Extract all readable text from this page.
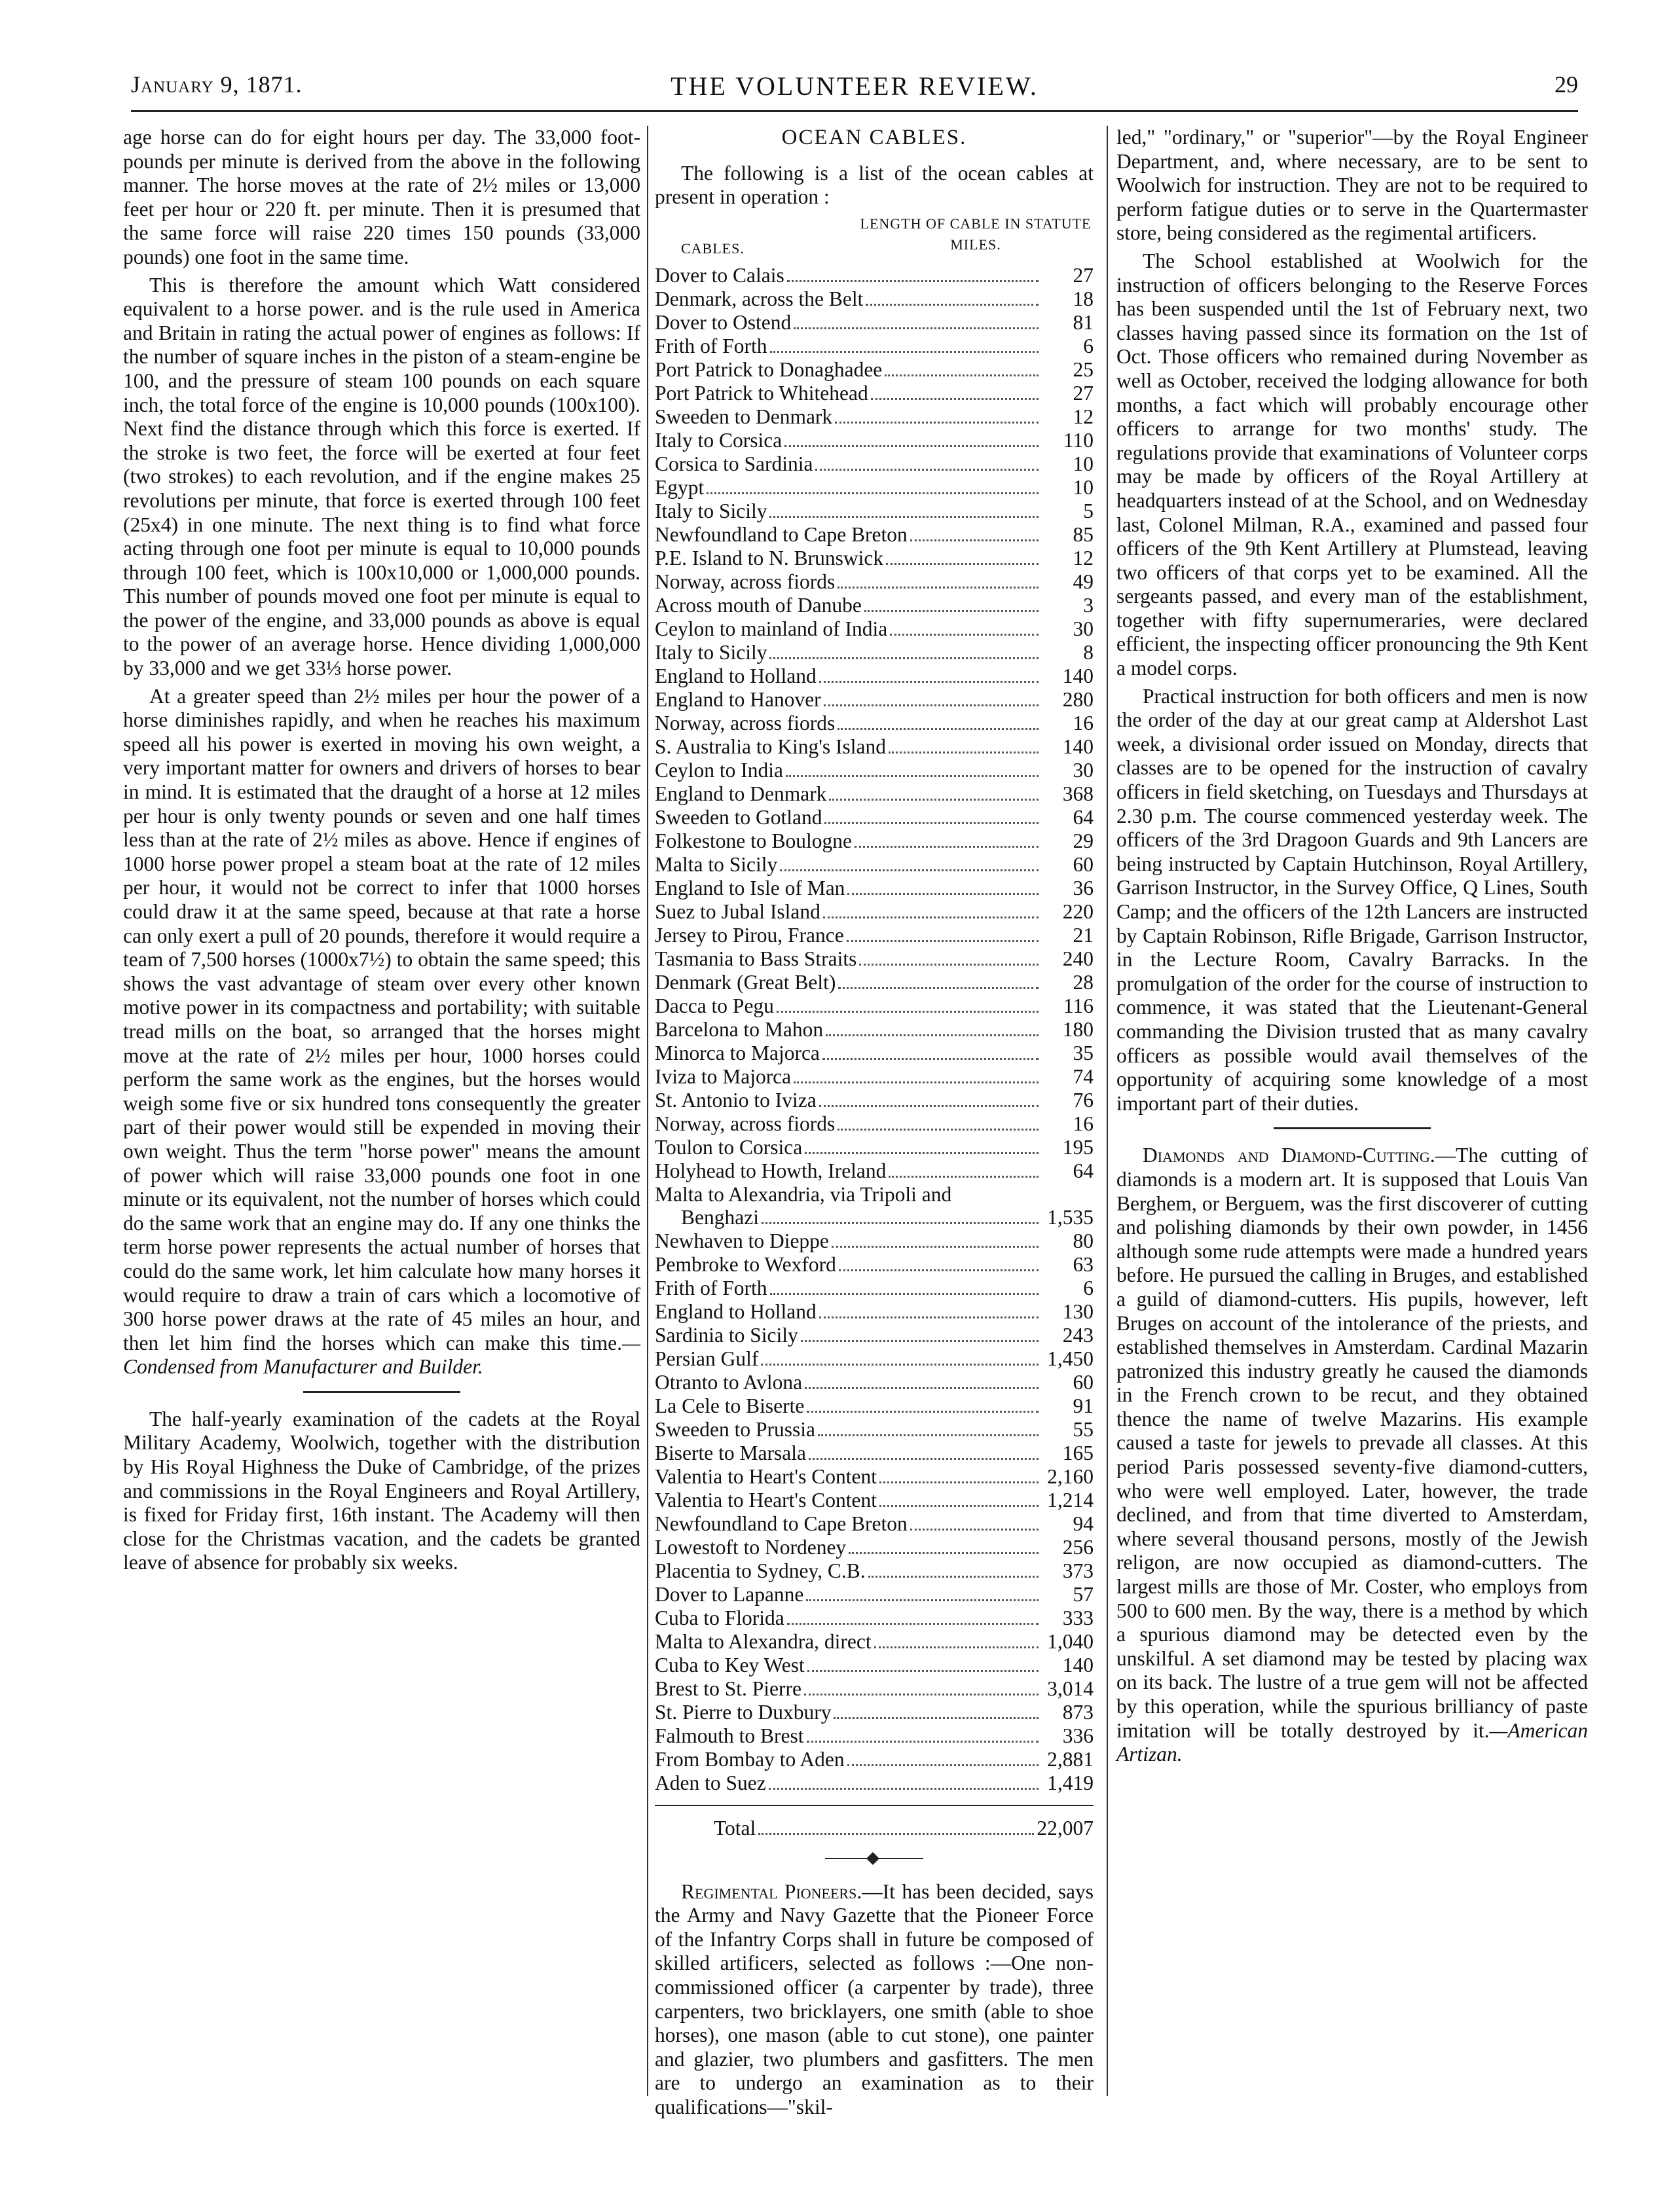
January 9, 1871.	THE VOLUNTEER REVIEW.	29

age horse can do for eight hours per day. The 33,000 foot-pounds per minute is derived from the above in the following manner. The horse moves at the rate of 2½ miles or 13,000 feet per hour or 220 ft. per minute. Then it is presumed that the same force will raise 220 times 150 pounds (33,000 pounds) one foot in the same time.

This is therefore the amount which Watt considered equivalent to a horse power. and is the rule used in America and Britain in rating the actual power of engines as follows: If the number of square inches in the piston of a steam-engine be 100, and the pressure of steam 100 pounds on each square inch, the total force of the engine is 10,000 pounds (100x100). Next find the distance through which this force is exerted. If the stroke is two feet, the force will be exerted at four feet (two strokes) to each revolution, and if the engine makes 25 revolutions per minute, that force is exerted through 100 feet (25x4) in one minute. The next thing is to find what force acting through one foot per minute is equal to 10,000 pounds through 100 feet, which is 100x10,000 or 1,000,000 pounds. This number of pounds moved one foot per minute is equal to the power of the engine, and 33,000 pounds as above is equal to the power of an average horse. Hence dividing 1,000,000 by 33,000 and we get 33⅓ horse power.

At a greater speed than 2½ miles per hour the power of a horse diminishes rapidly, and when he reaches his maximum speed all his power is exerted in moving his own weight, a very important matter for owners and drivers of horses to bear in mind. It is estimated that the draught of a horse at 12 miles per hour is only twenty pounds or seven and one half times less than at the rate of 2½ miles as above. Hence if engines of 1000 horse power propel a steam boat at the rate of 12 miles per hour, it would not be correct to infer that 1000 horses could draw it at the same speed, because at that rate a horse can only exert a pull of 20 pounds, therefore it would require a team of 7,500 horses (1000x7½) to obtain the same speed; this shows the vast advantage of steam over every other known motive power in its compactness and portability; with suitable tread mills on the boat, so arranged that the horses might move at the rate of 2½ miles per hour, 1000 horses could perform the same work as the engines, but the horses would weigh some five or six hundred tons consequently the greater part of their power would still be expended in moving their own weight. Thus the term "horse power" means the amount of power which will raise 33,000 pounds one foot in one minute or its equivalent, not the number of horses which could do the same work that an engine may do. If any one thinks the term horse power represents the actual number of horses that could do the same work, let him calculate how many horses it would require to draw a train of cars which a locomotive of 300 horse power draws at the rate of 45 miles an hour, and then let him find the horses which can make this time.—Condensed from Manufacturer and Builder.

The half-yearly examination of the cadets at the Royal Military Academy, Woolwich, together with the distribution by His Royal Highness the Duke of Cambridge, of the prizes and commissions in the Royal Engineers and Royal Artillery, is fixed for Friday first, 16th instant. The Academy will then close for the Christmas vacation, and the cadets be granted leave of absence for probably six weeks.

OCEAN CABLES.

The following is a list of the ocean cables at present in operation :

CABLES.
LENGTH OF CABLE IN STATUTE MILES.
Dover to Calais	27
Denmark, across the Belt	18
Dover to Ostend	81
Frith of Forth	6
Port Patrick to Donaghadee	25
Port Patrick to Whitehead	27
Sweeden to Denmark	12
Italy to Corsica	110
Corsica to Sardinia	10
Egypt	10
Italy to Sicily	5
Newfoundland to Cape Breton	85
P.E. Island to N. Brunswick	12
Norway, across fiords	49
Across mouth of Danube	3
Ceylon to mainland of India	30
Italy to Sicily	8
England to Holland	140
England to Hanover	280
Norway, across fiords	16
S. Australia to King's Island	140
Ceylon to India	30
England to Denmark	368
Sweeden to Gotland	64
Folkestone to Boulogne	29
Malta to Sicily	60
England to Isle of Man	36
Suez to Jubal Island	220
Jersey to Pirou, France	21
Tasmania to Bass Straits	240
Denmark (Great Belt)	28
Dacca to Pegu	116
Barcelona to Mahon	180
Minorca to Majorca	35
Iviza to Majorca	74
St. Antonio to Iviza	76
Norway, across fiords	16
Toulon to Corsica	195
Holyhead to Howth, Ireland	64
Malta to Alexandria, via Tripoli and
Benghazi	1,535
Newhaven to Dieppe	80
Pembroke to Wexford	63
Frith of Forth	6
England to Holland	130
Sardinia to Sicily	243
Persian Gulf	1,450
Otranto to Avlona	60
La Cele to Biserte	91
Sweeden to Prussia	55
Biserte to Marsala	165
Valentia to Heart's Content	2,160
Valentia to Heart's Content	1,214
Newfoundland to Cape Breton	94
Lowestoft to Nordeney	256
Placentia to Sydney, C.B.	373
Dover to Lapanne	57
Cuba to Florida	333
Malta to Alexandra, direct	1,040
Cuba to Key West	140
Brest to St. Pierre	3,014
St. Pierre to Duxbury	873
Falmouth to Brest	336
From Bombay to Aden	2,881
Aden to Suez	1,419
Total	22,007

Regimental Pioneers.—It has been decided, says the Army and Navy Gazette that the Pioneer Force of the Infantry Corps shall in future be composed of skilled artificers, selected as follows :—One non-commissioned officer (a carpenter by trade), three carpenters, two bricklayers, one smith (able to shoe horses), one mason (able to cut stone), one painter and glazier, two plumbers and gasfitters. The men are to undergo an examination as to their qualifications—"skil-

led," "ordinary," or "superior"—by the Royal Engineer Department, and, where necessary, are to be sent to Woolwich for instruction. They are not to be required to perform fatigue duties or to serve in the Quartermaster store, being considered as the regimental artificers.

The School established at Woolwich for the instruction of officers belonging to the Reserve Forces has been suspended until the 1st of February next, two classes having passed since its formation on the 1st of Oct. Those officers who remained during November as well as October, received the lodging allowance for both months, a fact which will probably encourage other officers to arrange for two months' study. The regulations provide that examinations of Volunteer corps may be made by officers of the Royal Artillery at headquarters instead of at the School, and on Wednesday last, Colonel Milman, R.A., examined and passed four officers of the 9th Kent Artillery at Plumstead, leaving two officers of that corps yet to be examined. All the sergeants passed, and every man of the establishment, together with fifty supernumeraries, were declared efficient, the inspecting officer pronouncing the 9th Kent a model corps.

Practical instruction for both officers and men is now the order of the day at our great camp at Aldershot Last week, a divisional order issued on Monday, directs that classes are to be opened for the instruction of cavalry officers in field sketching, on Tuesdays and Thursdays at 2.30 p.m. The course commenced yesterday week. The officers of the 3rd Dragoon Guards and 9th Lancers are being instructed by Captain Hutchinson, Royal Artillery, Garrison Instructor, in the Survey Office, Q Lines, South Camp; and the officers of the 12th Lancers are instructed by Captain Robinson, Rifle Brigade, Garrison Instructor, in the Lecture Room, Cavalry Barracks. In the promulgation of the order for the course of instruction to commence, it was stated that the Lieutenant-General commanding the Division trusted that as many cavalry officers as possible would avail themselves of the opportunity of acquiring some knowledge of a most important part of their duties.

Diamonds and Diamond-Cutting.—The cutting of diamonds is a modern art. It is supposed that Louis Van Berghem, or Berguem, was the first discoverer of cutting and polishing diamonds by their own powder, in 1456 although some rude attempts were made a hundred years before. He pursued the calling in Bruges, and established a guild of diamond-cutters. His pupils, however, left Bruges on account of the intolerance of the priests, and established themselves in Amsterdam. Cardinal Mazarin patronized this industry greatly he caused the diamonds in the French crown to be recut, and they obtained thence the name of twelve Mazarins. His example caused a taste for jewels to prevade all classes. At this period Paris possessed seventy-five diamond-cutters, who were well employed. Later, however, the trade declined, and from that time diverted to Amsterdam, where several thousand persons, mostly of the Jewish religon, are now occupied as diamond-cutters. The largest mills are those of Mr. Coster, who employs from 500 to 600 men. By the way, there is a method by which a spurious diamond may be detected even by the unskilful. A set diamond may be tested by placing wax on its back. The lustre of a true gem will not be affected by this operation, while the spurious brilliancy of paste imitation will be totally destroyed by it.—American Artizan.
